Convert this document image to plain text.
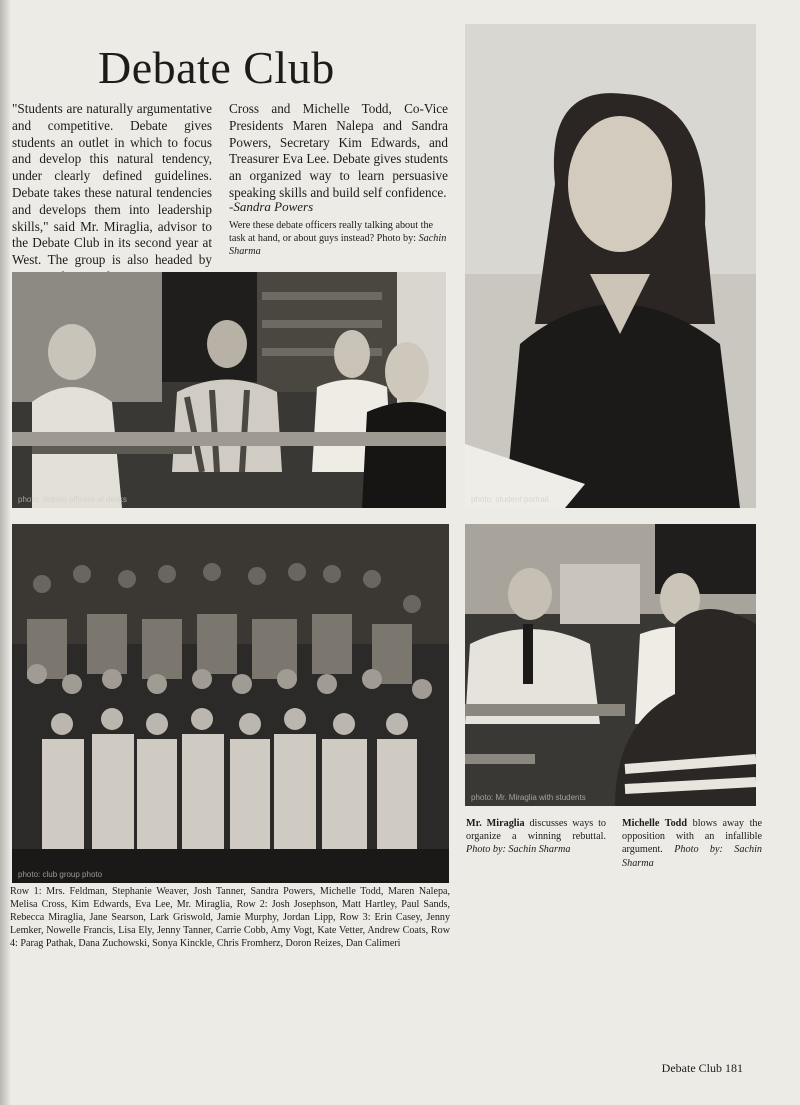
Debate Club

"Students are naturally argumentative and competitive. Debate gives students an outlet in which to focus and develop this natural tendency, under clearly defined guidelines. Debate takes these natural tendencies and develops them into leadership skills," said Mr. Miraglia, advisor to the Debate Club in its second year at West. The group is also headed by

Cross and Michelle Todd, Co-Vice Presidents Maren Nalepa and Sandra Powers, Secretary Kim Edwards, and Treasurer Eva Lee. Debate gives students an organized way to learn persuasive speaking skills and build self confidence.

-Sandra Powers

Were these debate officers really talking about the task at hand, or about guys instead? Photo by: Sachin Sharma

photo: debate officers at desks	photo: student portrait
photo: club group photo
photo: Mr. Miraglia with students

Mr. Miraglia discusses ways to organize a winning rebuttal. Photo by: Sachin Sharma

Michelle Todd blows away the opposition with an infallible argument. Photo by: Sachin Sharma

Row 1: Mrs. Feldman, Stephanie Weaver, Josh Tanner, Sandra Powers, Michelle Todd, Maren Nalepa, Melisa Cross, Kim Edwards, Eva Lee, Mr. Miraglia, Row 2: Josh Josephson, Matt Hartley, Paul Sands, Rebecca Miraglia, Jane Searson, Lark Griswold, Jamie Murphy, Jordan Lipp, Row 3: Erin Casey, Jenny Lemker, Nowelle Francis, Lisa Ely, Jenny Tanner, Carrie Cobb, Amy Vogt, Kate Vetter, Andrew Coats, Row 4: Parag Pathak, Dana Zuchowski, Sonya Kinckle, Chris Fromherz, Doron Reizes, Dan Calimeri

Debate Club 181
